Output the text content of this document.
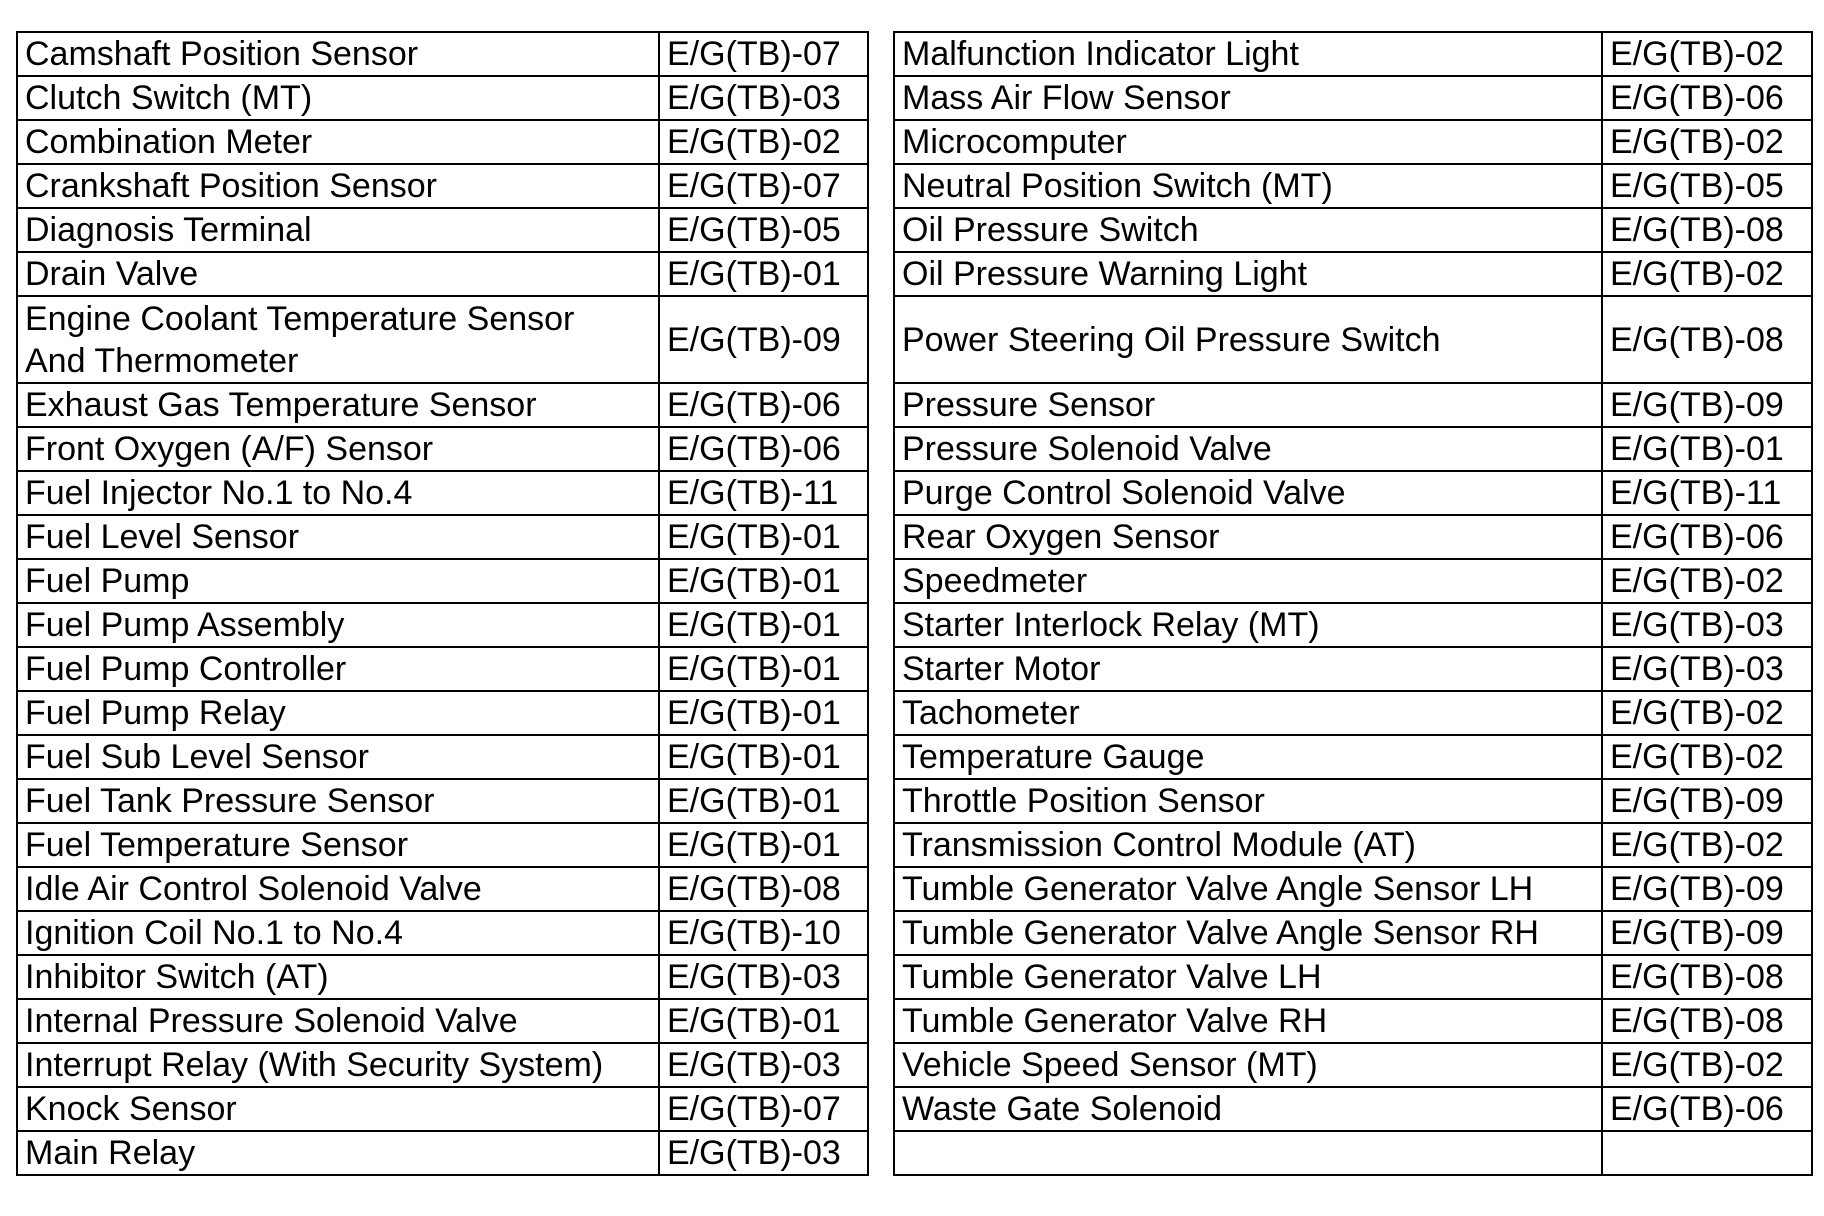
Camshaft Position Sensor	E/G(TB)-07
Clutch Switch (MT)	E/G(TB)-03
Combination Meter	E/G(TB)-02
Crankshaft Position Sensor	E/G(TB)-07
Diagnosis Terminal	E/G(TB)-05
Drain Valve	E/G(TB)-01
Engine Coolant Temperature Sensor
And Thermometer	E/G(TB)-09
Exhaust Gas Temperature Sensor	E/G(TB)-06
Front Oxygen (A/F) Sensor	E/G(TB)-06
Fuel Injector No.1 to No.4	E/G(TB)-11
Fuel Level Sensor	E/G(TB)-01
Fuel Pump	E/G(TB)-01
Fuel Pump Assembly	E/G(TB)-01
Fuel Pump Controller	E/G(TB)-01
Fuel Pump Relay	E/G(TB)-01
Fuel Sub Level Sensor	E/G(TB)-01
Fuel Tank Pressure Sensor	E/G(TB)-01
Fuel Temperature Sensor	E/G(TB)-01
Idle Air Control Solenoid Valve	E/G(TB)-08
Ignition Coil No.1 to No.4	E/G(TB)-10
Inhibitor Switch (AT)	E/G(TB)-03
Internal Pressure Solenoid Valve	E/G(TB)-01
Interrupt Relay (With Security System)	E/G(TB)-03
Knock Sensor	E/G(TB)-07
Main Relay	E/G(TB)-03
Malfunction Indicator Light	E/G(TB)-02
Mass Air Flow Sensor	E/G(TB)-06
Microcomputer	E/G(TB)-02
Neutral Position Switch (MT)	E/G(TB)-05
Oil Pressure Switch	E/G(TB)-08
Oil Pressure Warning Light	E/G(TB)-02
Power Steering Oil Pressure Switch	E/G(TB)-08
Pressure Sensor	E/G(TB)-09
Pressure Solenoid Valve	E/G(TB)-01
Purge Control Solenoid Valve	E/G(TB)-11
Rear Oxygen Sensor	E/G(TB)-06
Speedmeter	E/G(TB)-02
Starter Interlock Relay (MT)	E/G(TB)-03
Starter Motor	E/G(TB)-03
Tachometer	E/G(TB)-02
Temperature Gauge	E/G(TB)-02
Throttle Position Sensor	E/G(TB)-09
Transmission Control Module (AT)	E/G(TB)-02
Tumble Generator Valve Angle Sensor LH	E/G(TB)-09
Tumble Generator Valve Angle Sensor RH	E/G(TB)-09
Tumble Generator Valve LH	E/G(TB)-08
Tumble Generator Valve RH	E/G(TB)-08
Vehicle Speed Sensor (MT)	E/G(TB)-02
Waste Gate Solenoid	E/G(TB)-06
